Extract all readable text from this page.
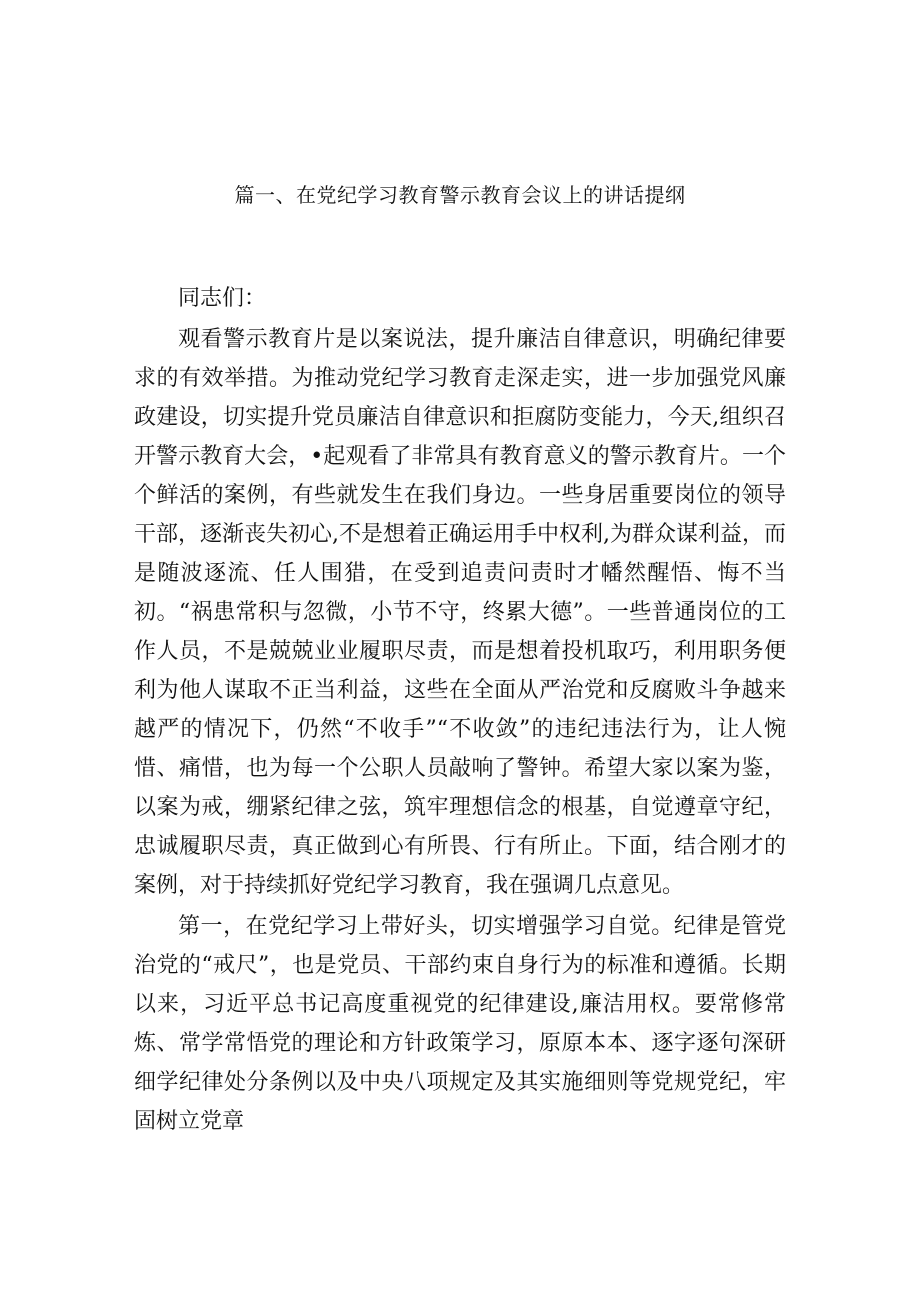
篇一、在党纪学习教育警示教育会议上的讲话提纲

同志们：

观看警示教育片是以案说法，提升廉洁自律意识，明确纪律要求的有效举措。为推动党纪学习教育走深走实，进一步加强党风廉政建设，切实提升党员廉洁自律意识和拒腐防变能力，今天,组织召开警示教育大会，•起观看了非常具有教育意义的警示教育片。一个个鲜活的案例，有些就发生在我们身边。一些身居重要岗位的领导干部，逐渐丧失初心,不是想着正确运用手中权利,为群众谋利益，而是随波逐流、任人围猎，在受到追责问责时才幡然醒悟、悔不当初。“祸患常积与忽微，小节不守，终累大德”。一些普通岗位的工作人员，不是兢兢业业履职尽责，而是想着投机取巧，利用职务便利为他人谋取不正当利益，这些在全面从严治党和反腐败斗争越来越严的情况下，仍然“不收手”“不收敛”的违纪违法行为，让人惋惜、痛惜，也为每一个公职人员敲响了警钟。希望大家以案为鉴，以案为戒，绷紧纪律之弦，筑牢理想信念的根基，自觉遵章守纪，忠诚履职尽责，真正做到心有所畏、行有所止。下面，结合刚才的案例，对于持续抓好党纪学习教育，我在强调几点意见。

第一，在党纪学习上带好头，切实增强学习自觉。纪律是管党治党的“戒尺”，也是党员、干部约束自身行为的标准和遵循。长期以来，习近平总书记高度重视党的纪律建设,廉洁用权。要常修常炼、常学常悟党的理论和方针政策学习，原原本本、逐字逐句深研细学纪律处分条例以及中央八项规定及其实施细则等党规党纪，牢固树立党章
